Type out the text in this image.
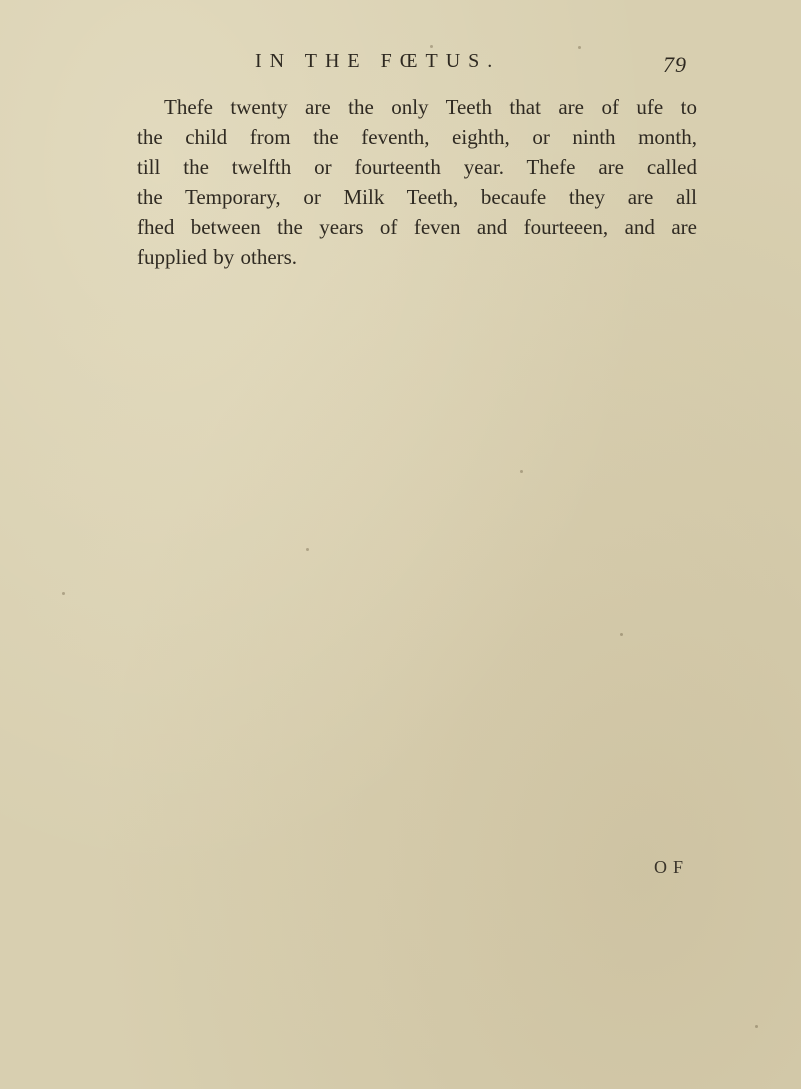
IN THE FŒTUS.	79
Thefe twenty are the only Teeth that are of ufe to
the child from the feventh, eighth, or ninth month,
till the twelfth or fourteenth year. Thefe are called
the Temporary, or Milk Teeth, becaufe they are all
fhed between the years of feven and fourteeen, and are
fupplied by others.
OF
